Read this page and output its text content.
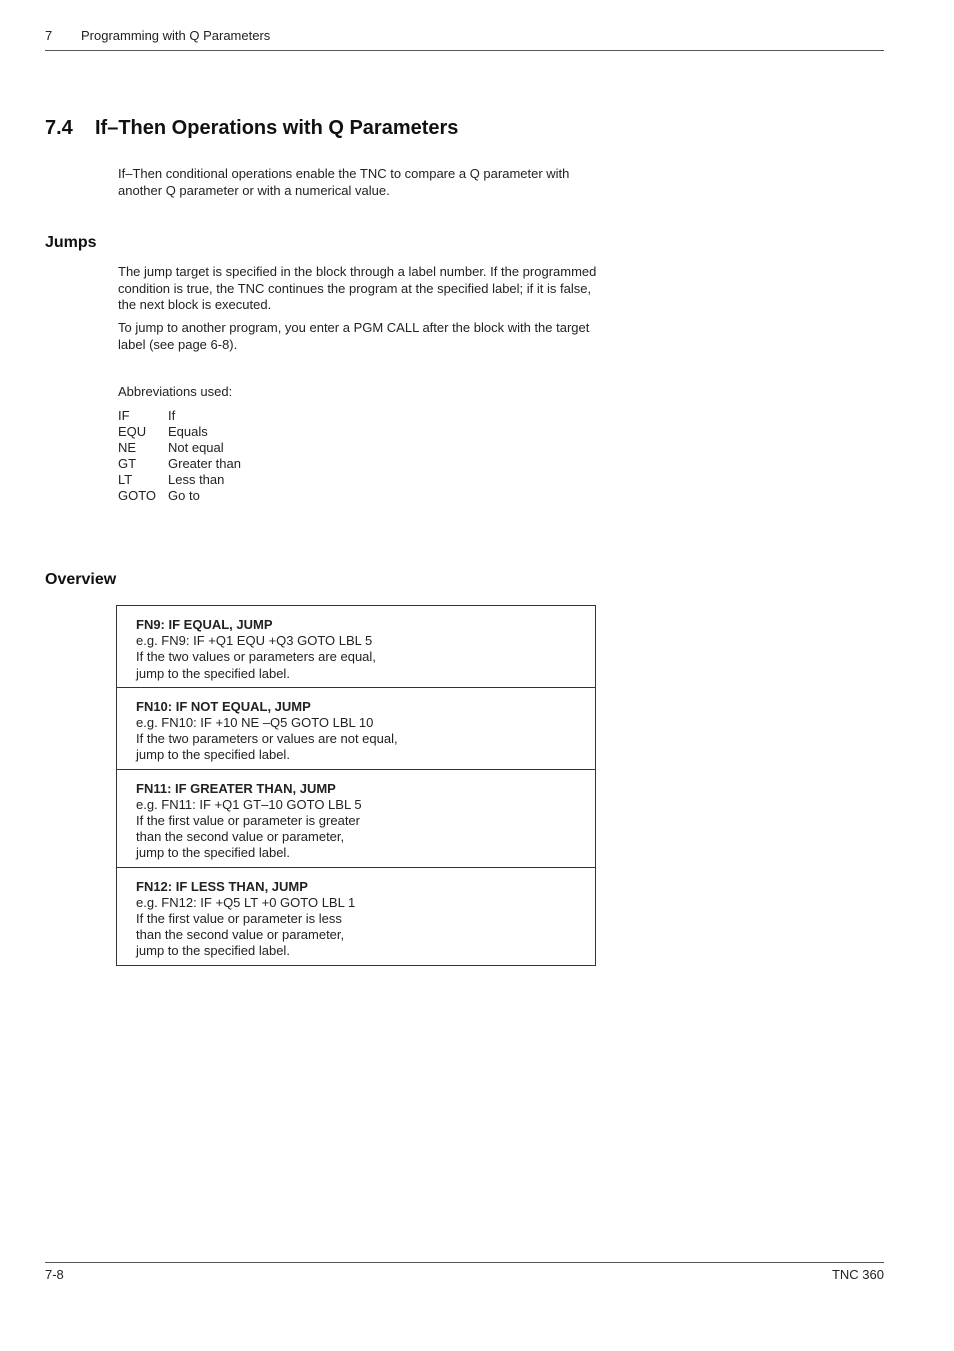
7 Programming with Q Parameters
7.4 If–Then Operations with Q Parameters

If–Then conditional operations enable the TNC to compare a Q parameter with another Q parameter or with a numerical value.

Jumps

The jump target is specified in the block through a label number. If the programmed condition is true, the TNC continues the program at the specified label; if it is false, the next block is executed.

To jump to another program, you enter a PGM CALL after the block with the target label (see page 6-8).

Abbreviations used:

IF	If
EQU	Equals
NE	Not equal
GT	Greater than
LT	Less than
GOTO Go to
Overview
FN9: IF EQUAL, JUMP
e.g. FN9: IF +Q1 EQU +Q3 GOTO LBL 5
If the two values or parameters are equal,
jump to the specified label.
FN10: IF NOT EQUAL, JUMP
e.g. FN10: IF +10 NE –Q5 GOTO LBL 10
If the two parameters or values are not equal,
jump to the specified label.
FN11: IF GREATER THAN, JUMP
e.g. FN11: IF +Q1 GT–10 GOTO LBL 5
If the first value or parameter is greater
than the second value or parameter,
jump to the specified label.
FN12: IF LESS THAN, JUMP
e.g. FN12: IF +Q5 LT +0 GOTO LBL 1
If the first value or parameter is less
than the second value or parameter,
jump to the specified label.
7-8	TNC 360
